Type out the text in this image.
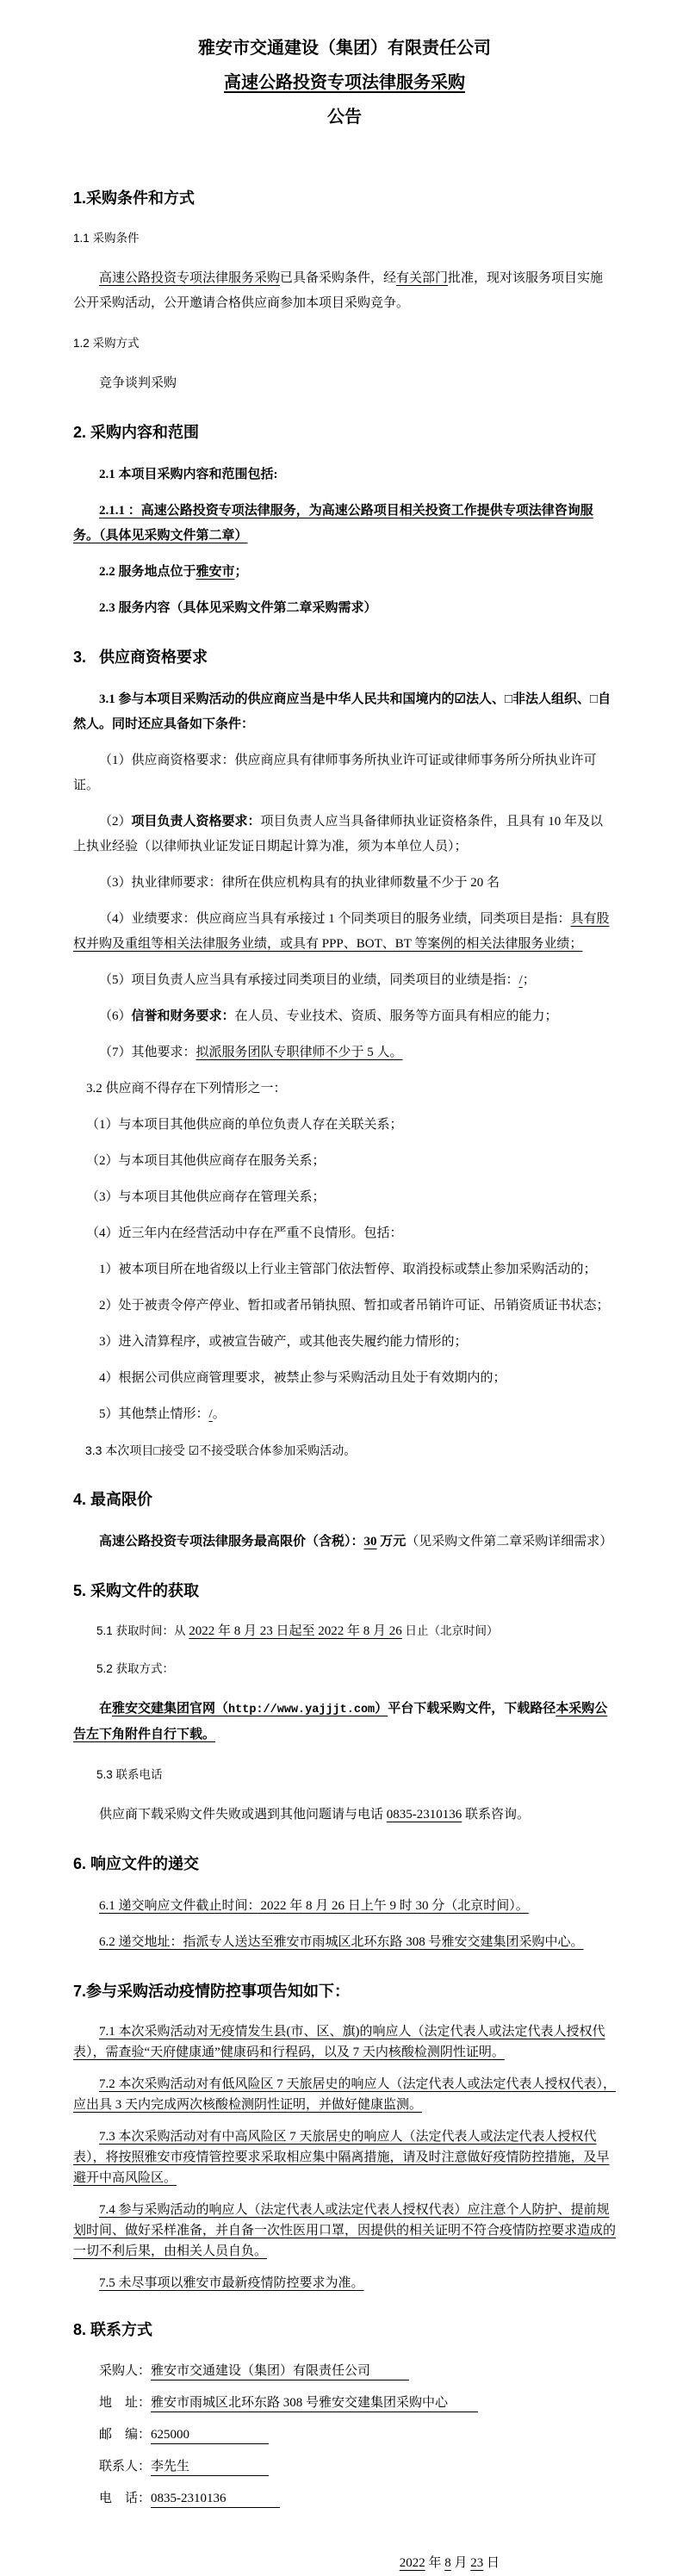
雅安市交通建设（集团）有限责任公司
高速公路投资专项法律服务采购
公告
1.采购条件和方式
1.1 采购条件
高速公路投资专项法律服务采购已具备采购条件，经有关部门批准，现对该服务项目实施公开采购活动，公开邀请合格供应商参加本项目采购竞争。
1.2 采购方式
竞争谈判采购
2. 采购内容和范围
2.1 本项目采购内容和范围包括:
2.1.1 ：高速公路投资专项法律服务，为高速公路项目相关投资工作提供专项法律咨询服务。（具体见采购文件第二章）
2.2 服务地点位于雅安市；
2.3 服务内容（具体见采购文件第二章采购需求）
3.   供应商资格要求
3.1 参与本项目采购活动的供应商应当是中华人民共和国境内的☑法人、□非法人组织、□自然人。同时还应具备如下条件：
（1）供应商资格要求：供应商应具有律师事务所执业许可证或律师事务所分所执业许可证。
（2）项目负责人资格要求：项目负责人应当具备律师执业证资格条件，且具有 10 年及以上执业经验（以律师执业证发证日期起计算为准，须为本单位人员）；
（3）执业律师要求：律所在供应机构具有的执业律师数量不少于 20 名
（4）业绩要求：供应商应当具有承接过 1 个同类项目的服务业绩，同类项目是指：具有股权并购及重组等相关法律服务业绩，或具有 PPP、BOT、BT 等案例的相关法律服务业绩；
（5）项目负责人应当具有承接过同类项目的业绩，同类项目的业绩是指：/；
（6）信誉和财务要求：在人员、专业技术、资质、服务等方面具有相应的能力；
（7）其他要求：拟派服务团队专职律师不少于 5 人。
3.2 供应商不得存在下列情形之一：
（1）与本项目其他供应商的单位负责人存在关联关系；
（2）与本项目其他供应商存在服务关系；
（3）与本项目其他供应商存在管理关系；
（4）近三年内在经营活动中存在严重不良情形。包括：
1）被本项目所在地省级以上行业主管部门依法暂停、取消投标或禁止参加采购活动的；
2）处于被责令停产停业、暂扣或者吊销执照、暂扣或者吊销许可证、吊销资质证书状态；
3）进入清算程序，或被宣告破产，或其他丧失履约能力情形的；
4）根据公司供应商管理要求，被禁止参与采购活动且处于有效期内的；
5）其他禁止情形：/。
3.3 本次项目□接受 ☑不接受联合体参加采购活动。
4. 最高限价
高速公路投资专项法律服务最高限价（含税）：30 万元（见采购文件第二章采购详细需求）
5. 采购文件的获取
5.1 获取时间：从 2022 年 8 月 23 日起至 2022 年 8 月 26 日止（北京时间）
5.2 获取方式：
在雅安交建集团官网（http://www.yajjjt.com）平台下载采购文件，下载路径本采购公告左下角附件自行下载。
5.3 联系电话
供应商下载采购文件失败或遇到其他问题请与电话 0835-2310136 联系咨询。
6. 响应文件的递交
6.1 递交响应文件截止时间：2022 年 8 月 26 日上午 9 时 30 分（北京时间）。
6.2 递交地址：指派专人送达至雅安市雨城区北环东路 308 号雅安交建集团采购中心。
7.参与采购活动疫情防控事项告知如下：
7.1 本次采购活动对无疫情发生县(市、区、旗)的响应人（法定代表人或法定代表人授权代表），需查验“天府健康通”健康码和行程码，以及 7 天内核酸检测阴性证明。
7.2 本次采购活动对有低风险区 7 天旅居史的响应人（法定代表人或法定代表人授权代表），应出具 3 天内完成两次核酸检测阴性证明，并做好健康监测。
7.3 本次采购活动对有中高风险区 7 天旅居史的响应人（法定代表人或法定代表人授权代表），将按照雅安市疫情管控要求采取相应集中隔离措施，请及时注意做好疫情防控措施，及早避开中高风险区。
7.4 参与采购活动的响应人（法定代表人或法定代表人授权代表）应注意个人防护、提前规划时间、做好采样准备，并自备一次性医用口罩，因提供的相关证明不符合疫情防控要求造成的一切不利后果，由相关人员自负。
7.5 未尽事项以雅安市最新疫情防控要求为准。
8. 联系方式
采购人：雅安市交通建设（集团）有限责任公司
地　址：雅安市雨城区北环东路 308 号雅安交建集团采购中心
邮　编：625000
联系人：李先生
电　话：0835-2310136
2022 年 8 月 23 日
